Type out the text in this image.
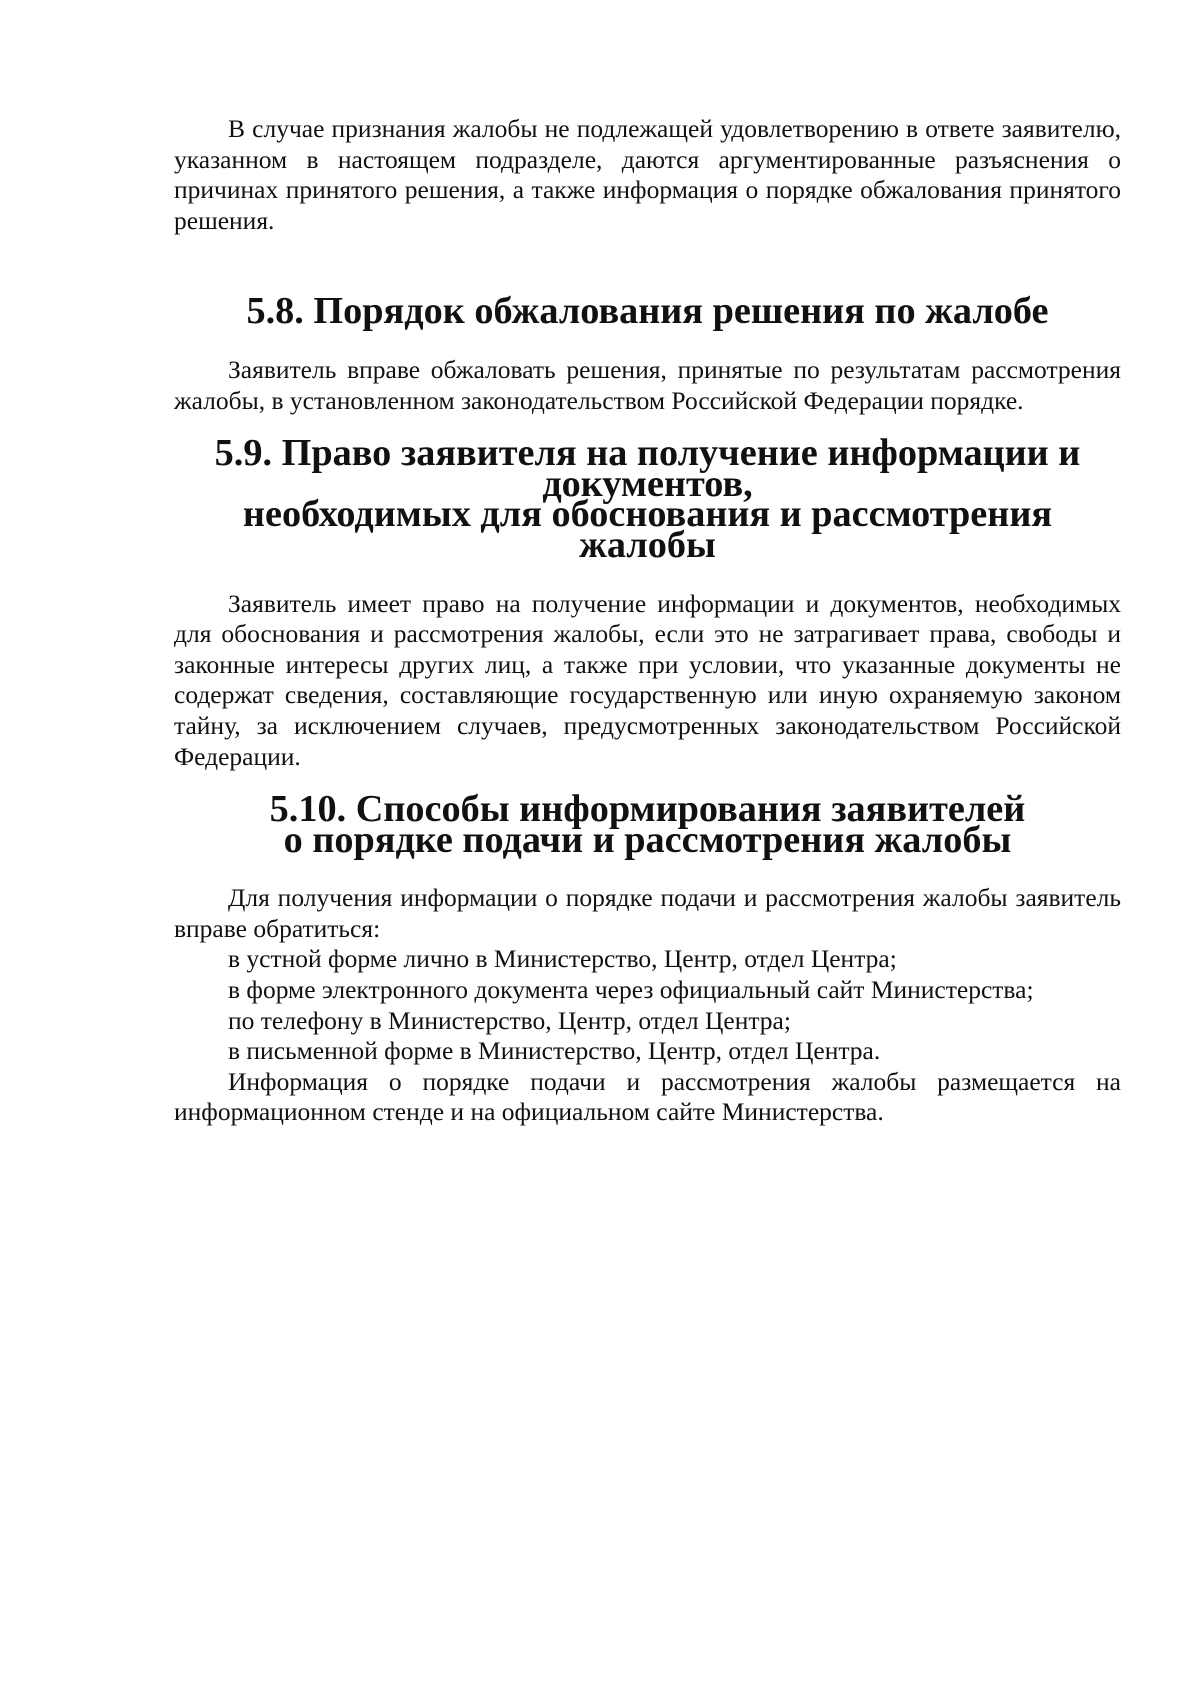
В случае признания жалобы не подлежащей удовлетворению в ответе заявителю, указанном в настоящем подразделе, даются аргументированные разъяснения о причинах принятого решения, а также информация о порядке обжалования принятого решения.

5.8. Порядок обжалования решения по жалобе

Заявитель вправе обжаловать решения, принятые по результатам рассмотрения жалобы, в установленном законодательством Российской Федерации порядке.

5.9. Право заявителя на получение информации и документов,
необходимых для обоснования и рассмотрения жалобы

Заявитель имеет право на получение информации и документов, необходимых для обоснования и рассмотрения жалобы, если это не затрагивает права, свободы и законные интересы других лиц, а также при условии, что указанные документы не содержат сведения, составляющие государственную или иную охраняемую законом тайну, за исключением случаев, предусмотренных законодательством Российской Федерации.

5.10. Способы информирования заявителей
о порядке подачи и рассмотрения жалобы

Для получения информации о порядке подачи и рассмотрения жалобы заявитель вправе обратиться:

в устной форме лично в Министерство, Центр, отдел Центра;

в форме электронного документа через официальный сайт Министерства;

по телефону в Министерство, Центр, отдел Центра;

в письменной форме в Министерство, Центр, отдел Центра.

Информация о порядке подачи и рассмотрения жалобы размещается на информационном стенде и на официальном сайте Министерства.
